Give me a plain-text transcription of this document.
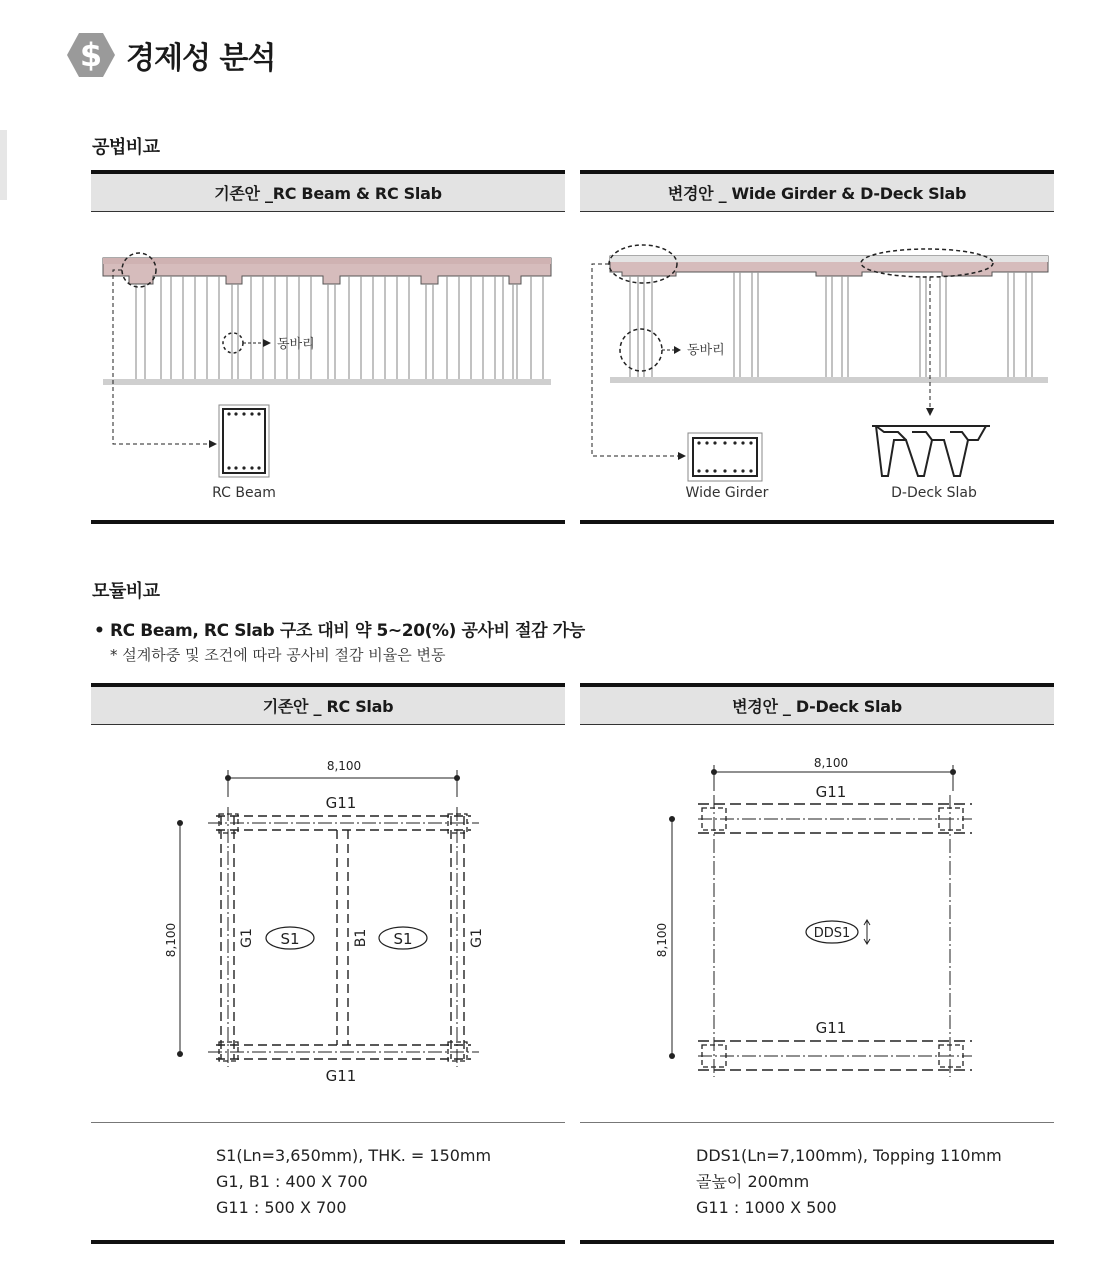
$ 경제성 분석
공법비교
기존안 _RC Beam & RC Slab
동바리
RC Beam
변경안 _ Wide Girder & D-Deck Slab
동바리
Wide Girder	D-Deck Slab
모듈비교
• RC Beam, RC Slab 구조 대비 약 5~20(%) 공사비 절감 가능
* 설계하중 및 조건에 따라 공사비 절감 비율은 변동
기존안 _ RC Slab
8,100
8,100
G11
G11
G1	B1	G1
S1	S1
S1(Ln=3,650mm), THK. = 150mm
G1, B1 : 400 X 700
G11 : 500 X 700
변경안 _ D-Deck Slab
8,100
8,100
G11
G11
DDS1
DDS1(Ln=7,100mm), Topping 110mm
골높이 200mm
G11 : 1000 X 500
